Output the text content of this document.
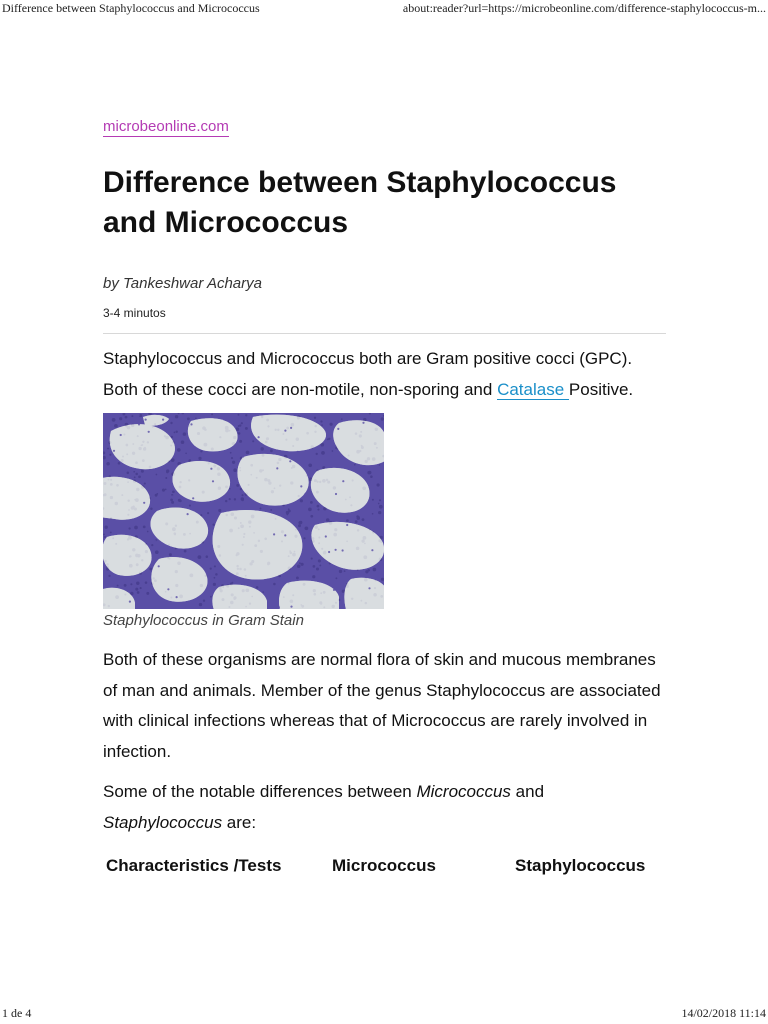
Difference between Staphylococcus and Micrococcus	about:reader?url=https://microbeonline.com/difference-staphylococcus-m...
microbeonline.com
Difference between Staphylococcus and Micrococcus
by Tankeshwar Acharya
3-4 minutos

Staphylococcus and Micrococcus both are Gram positive cocci (GPC). Both of these cocci are non-motile, non-sporing and Catalase Positive.

Staphylococcus in Gram Stain

Both of these organisms are normal flora of skin and mucous membranes of man and animals. Member of the genus Staphylococcus are associated with clinical infections whereas that of Micrococcus are rarely involved in infection.

Some of the notable differences between Micrococcus and Staphylococcus are:

Characteristics /Tests	Micrococcus	Staphylococcus
1 de 4	14/02/2018 11:14
